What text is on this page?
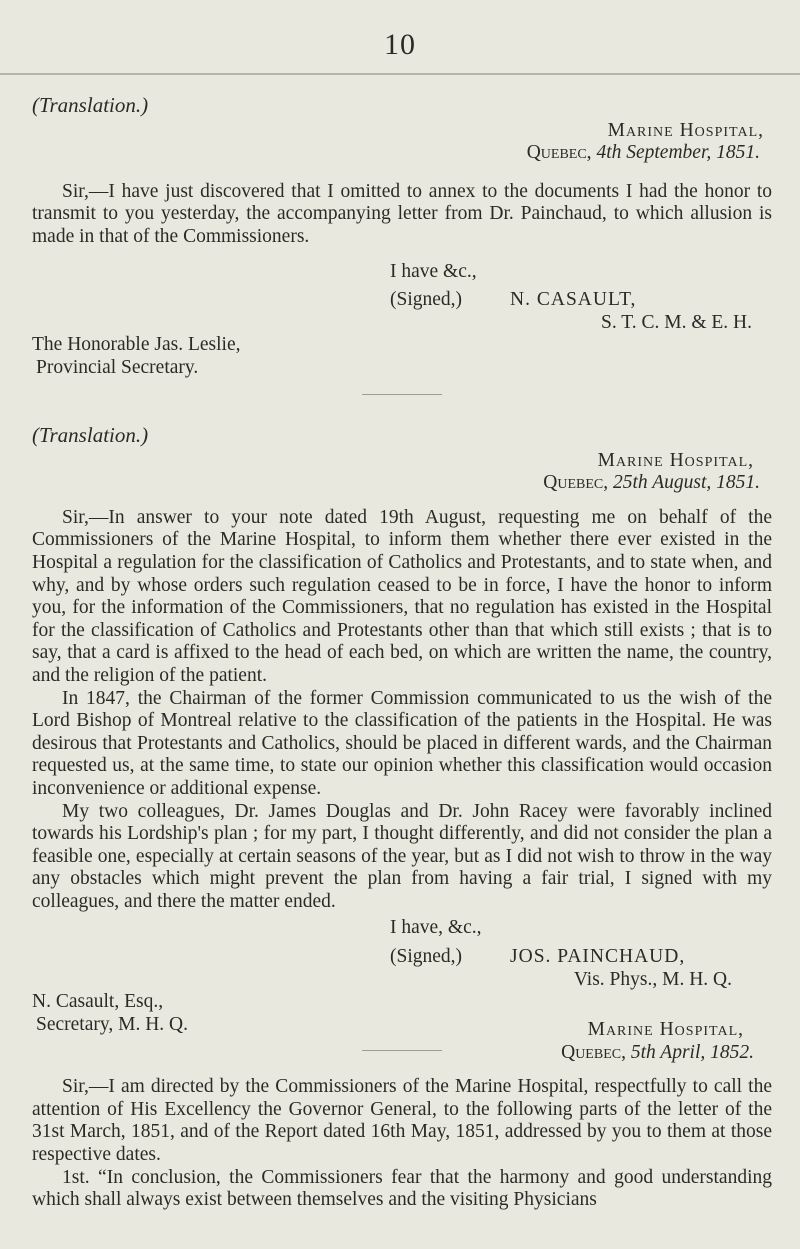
10

(Translation.)

Marine Hospital,

Quebec, 4th September, 1851.

Sir,—I have just discovered that I omitted to annex to the documents I had the honor to transmit to you yesterday, the accompanying letter from Dr. Painchaud, to which allusion is made in that of the Commissioners.

I have &c.,

(Signed,) N. CASAULT,

S. T. C. M. & E. H.

The Honorable Jas. Leslie,

Provincial Secretary.

(Translation.)

Marine Hospital,

Quebec, 25th August, 1851.

Sir,—In answer to your note dated 19th August, requesting me on behalf of the Commissioners of the Marine Hospital, to inform them whether there ever existed in the Hospital a regulation for the classification of Catholics and Protestants, and to state when, and why, and by whose orders such regulation ceased to be in force, I have the honor to inform you, for the information of the Commissioners, that no regulation has existed in the Hospital for the classification of Catholics and Protestants other than that which still exists ; that is to say, that a card is affixed to the head of each bed, on which are written the name, the country, and the religion of the patient.

In 1847, the Chairman of the former Commission communicated to us the wish of the Lord Bishop of Montreal relative to the classification of the patients in the Hospital. He was desirous that Protestants and Catholics, should be placed in different wards, and the Chairman requested us, at the same time, to state our opinion whether this classification would occasion inconvenience or additional expense.

My two colleagues, Dr. James Douglas and Dr. John Racey were favorably inclined towards his Lordship's plan ; for my part, I thought differently, and did not consider the plan a feasible one, especially at certain seasons of the year, but as I did not wish to throw in the way any obstacles which might prevent the plan from having a fair trial, I signed with my colleagues, and there the matter ended.

I have, &c.,

(Signed,) JOS. PAINCHAUD,

Vis. Phys., M. H. Q.

N. Casault, Esq.,

Secretary, M. H. Q.	Marine Hospital,

Quebec, 5th April, 1852.

Sir,—I am directed by the Commissioners of the Marine Hospital, respectfully to call the attention of His Excellency the Governor General, to the following parts of the letter of the 31st March, 1851, and of the Report dated 16th May, 1851, addressed by you to them at those respective dates.

1st. “In conclusion, the Commissioners fear that the harmony and good understanding which shall always exist between themselves and the visiting Physicians
